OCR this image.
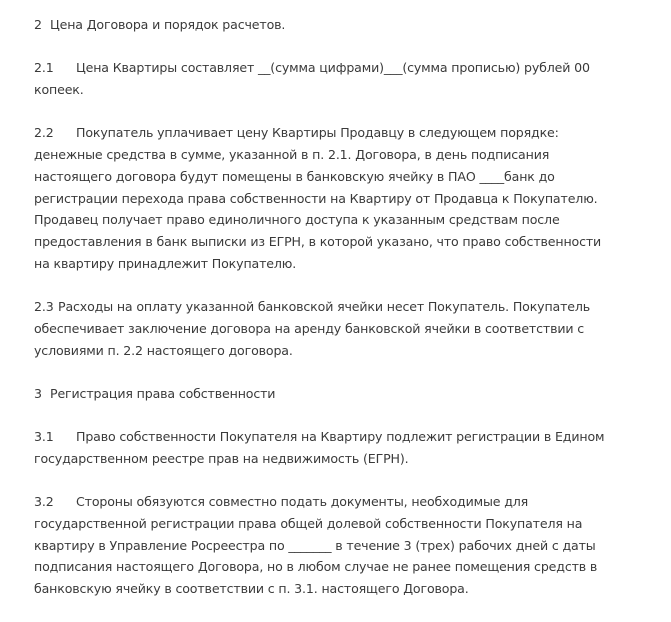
2 Цена Договора и порядок расчетов.
2.1 Цена Квартиры составляет __(сумма цифрами)___(сумма прописью) рублей 00
копеек.
2.2 Покупатель уплачивает цену Квартиры Продавцу в следующем порядке:
денежные средства в сумме, указанной в п. 2.1. Договора, в день подписания
настоящего договора будут помещены в банковскую ячейку в ПАО ____банк до
регистрации перехода права собственности на Квартиру от Продавца к Покупателю.
Продавец получает право единоличного доступа к указанным средствам после
предоставления в банк выписки из ЕГРН, в которой указано, что право собственности
на квартиру принадлежит Покупателю.
2.3 Расходы на оплату указанной банковской ячейки несет Покупатель. Покупатель
обеспечивает заключение договора на аренду банковской ячейки в соответствии с
условиями п. 2.2 настоящего договора.
3 Регистрация права собственности
3.1 Право собственности Покупателя на Квартиру подлежит регистрации в Едином
государственном реестре прав на недвижимость (ЕГРН).
3.2 Стороны обязуются совместно подать документы, необходимые для
государственной регистрации права общей долевой собственности Покупателя на
квартиру в Управление Росреестра по _______ в течение 3 (трех) рабочих дней с даты
подписания настоящего Договора, но в любом случае не ранее помещения средств в
банковскую ячейку в соответствии с п. 3.1. настоящего Договора.
